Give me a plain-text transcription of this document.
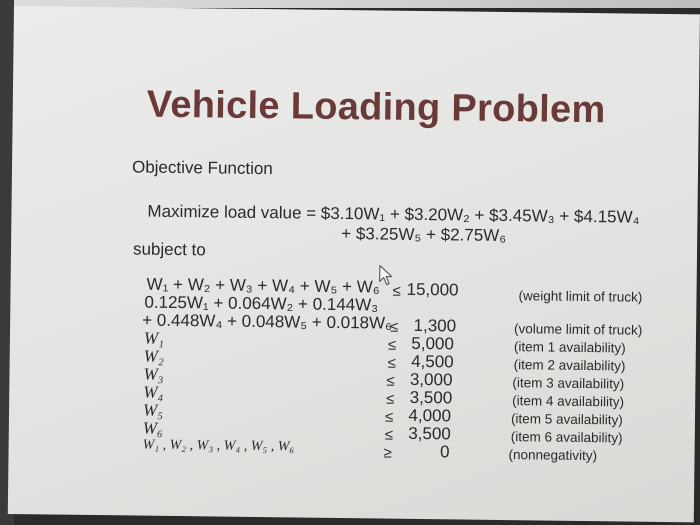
Vehicle Loading Problem
Objective Function
Maximize load value = $3.10W₁ + $3.20W₂ + $3.45W₃ + $4.15W₄
+ $3.25W₅ + $2.75W₆
subject to
W₁ + W₂ + W₃ + W₄ + W₅ + W₆ ≤ 15,000	(weight limit of truck)
0.125W₁ + 0.064W₂ + 0.144W₃
+ 0.448W₄ + 0.048W₅ + 0.018W₆
≤ 1,300	(volume limit of truck)
W₁	≤ 5,000	(item 1 availability)
W₂	≤ 4,500	(item 2 availability)
W₃	≤ 3,000	(item 3 availability)
W₄	≤ 3,500	(item 4 availability)
W₅	≤ 4,000	(item 5 availability)
W₆	≤ 3,500	(item 6 availability)
W₁ , W₂ , W₃ , W₄ , W₅ , W₆	≥	0	(nonnegativity)
